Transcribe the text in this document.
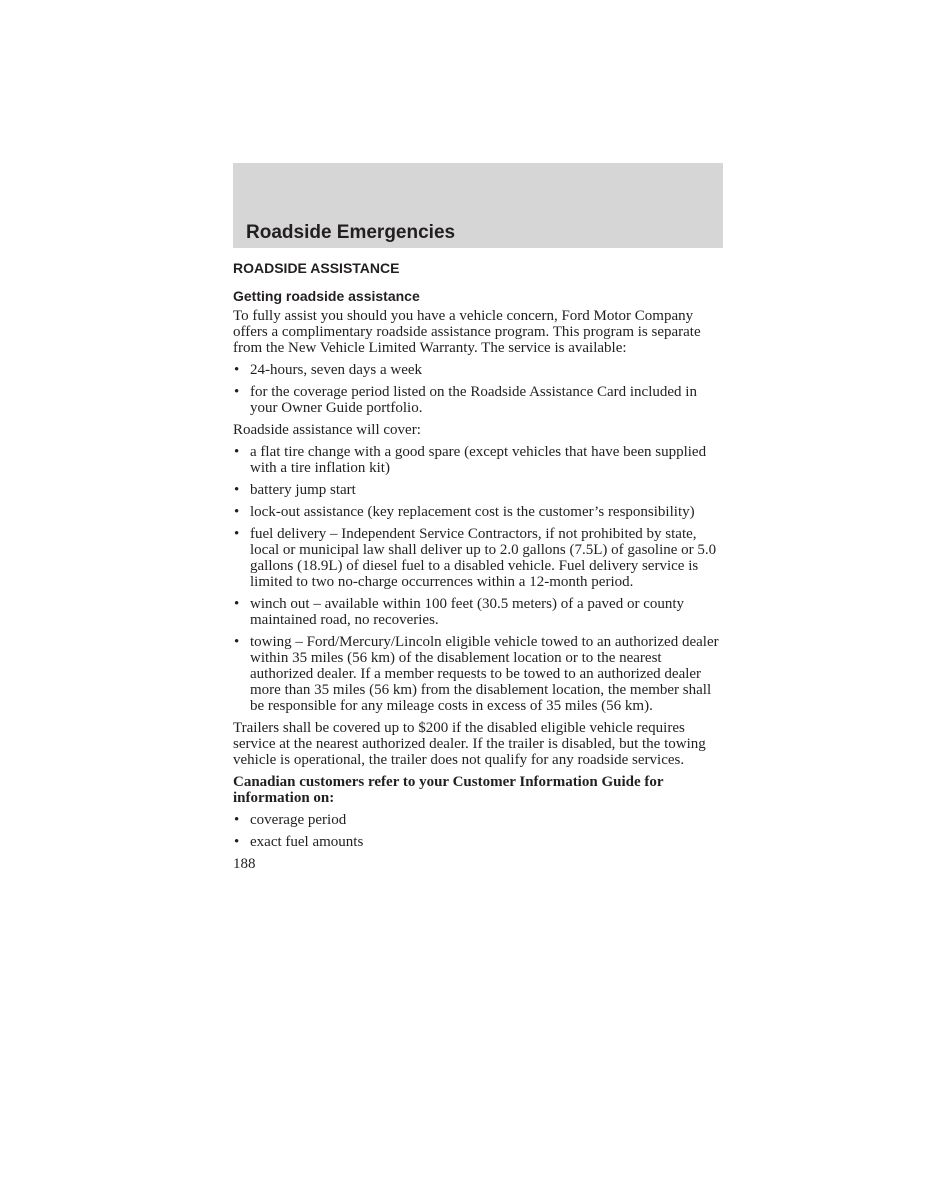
Roadside Emergencies
ROADSIDE ASSISTANCE
Getting roadside assistance

To fully assist you should you have a vehicle concern, Ford Motor Company offers a complimentary roadside assistance program. This program is separate from the New Vehicle Limited Warranty. The service is available:

• 24-hours, seven days a week
• for the coverage period listed on the Roadside Assistance Card included in your Owner Guide portfolio.

Roadside assistance will cover:

• a flat tire change with a good spare (except vehicles that have been supplied with a tire inflation kit)
• battery jump start
• lock-out assistance (key replacement cost is the customer’s responsibility)
• fuel delivery – Independent Service Contractors, if not prohibited by state, local or municipal law shall deliver up to 2.0 gallons (7.5L) of gasoline or 5.0 gallons (18.9L) of diesel fuel to a disabled vehicle. Fuel delivery service is limited to two no-charge occurrences within a 12-month period.
• winch out – available within 100 feet (30.5 meters) of a paved or county maintained road, no recoveries.
• towing – Ford/Mercury/Lincoln eligible vehicle towed to an authorized dealer within 35 miles (56 km) of the disablement location or to the nearest authorized dealer. If a member requests to be towed to an authorized dealer more than 35 miles (56 km) from the disablement location, the member shall be responsible for any mileage costs in excess of 35 miles (56 km).

Trailers shall be covered up to $200 if the disabled eligible vehicle requires service at the nearest authorized dealer. If the trailer is disabled, but the towing vehicle is operational, the trailer does not qualify for any roadside services.

Canadian customers refer to your Customer Information Guide for information on:

• coverage period
• exact fuel amounts
188
